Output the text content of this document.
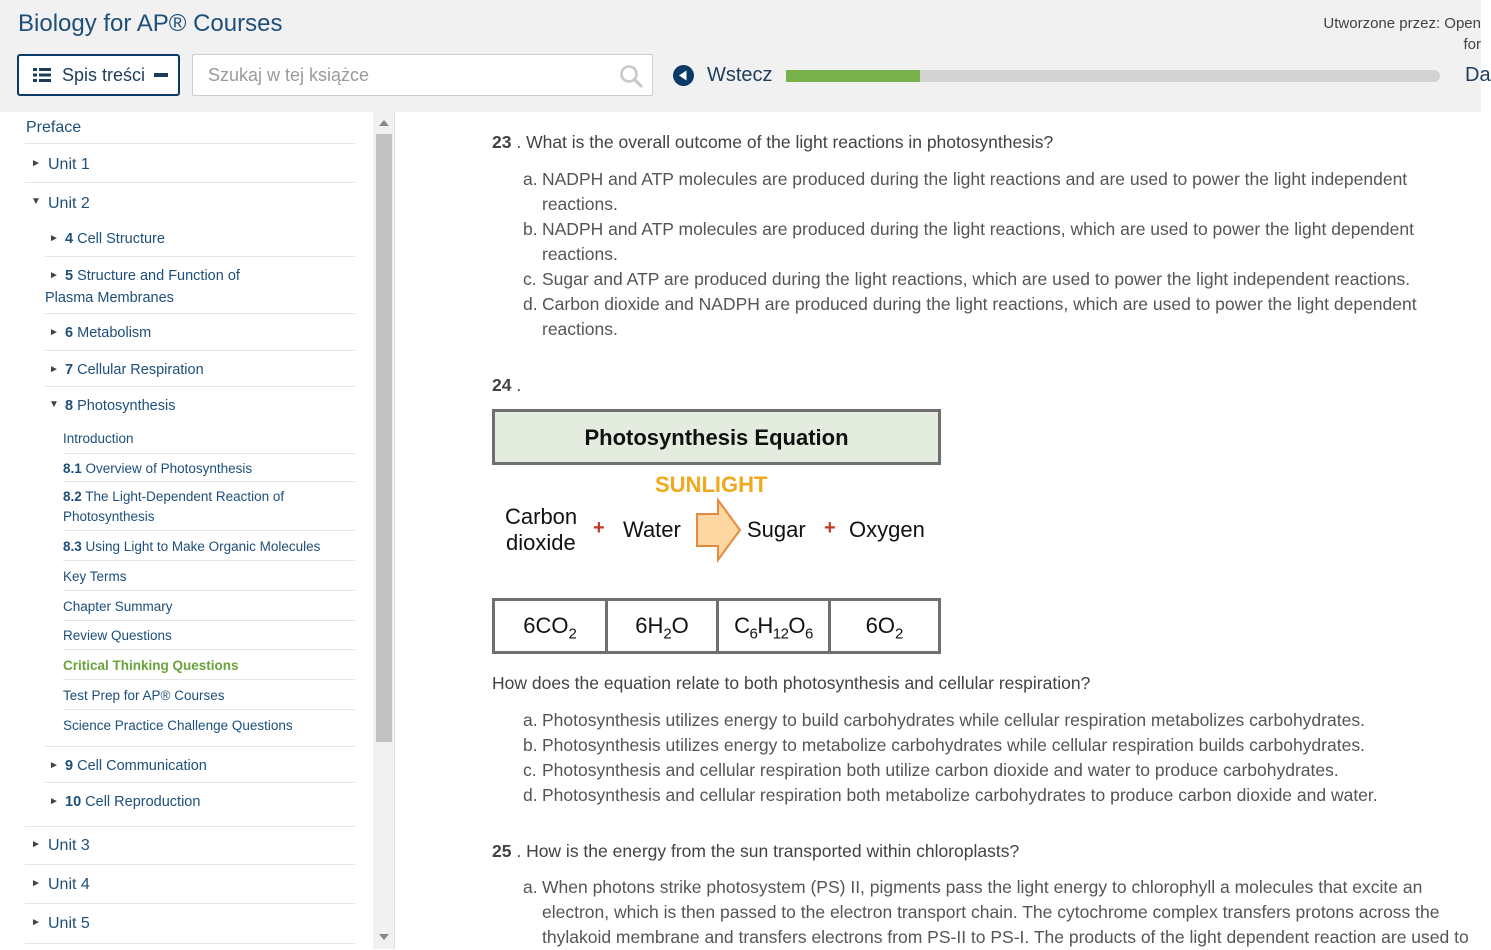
Biology for AP® Courses	Utworzone przez: Open
for
Spis treści
Szukaj w tej książce	Wstecz	Da
Preface
► Unit 1
▼ Unit 2
► 4 Cell Structure
► 5 Structure and Function of
Plasma Membranes
► 6 Metabolism
► 7 Cellular Respiration
▼ 8 Photosynthesis
Introduction
8.1 Overview of Photosynthesis
8.2 The Light-Dependent Reaction of
Photosynthesis
8.3 Using Light to Make Organic Molecules
Key Terms
Chapter Summary
Review Questions
Critical Thinking Questions
Test Prep for AP® Courses
Science Practice Challenge Questions
► 9 Cell Communication
► 10 Cell Reproduction
► Unit 3
► Unit 4
► Unit 5
23 . What is the overall outcome of the light reactions in photosynthesis?
a. NADPH and ATP molecules are produced during the light reactions and are used to power the light independent
reactions.
b. NADPH and ATP molecules are produced during the light reactions, which are used to power the light dependent
reactions.
c. Sugar and ATP are produced during the light reactions, which are used to power the light independent reactions.
d. Carbon dioxide and NADPH are produced during the light reactions, which are used to power the light dependent
reactions.
24 .
Photosynthesis Equation
SUNLIGHT
Carbon
dioxide
+ Water	Sugar + Oxygen
$6CO_2$	$6H_2O$	$C_6H_{12}O_6$	$6O_2$
How does the equation relate to both photosynthesis and cellular respiration?
a. Photosynthesis utilizes energy to build carbohydrates while cellular respiration metabolizes carbohydrates.
b. Photosynthesis utilizes energy to metabolize carbohydrates while cellular respiration builds carbohydrates.
c. Photosynthesis and cellular respiration both utilize carbon dioxide and water to produce carbohydrates.
d. Photosynthesis and cellular respiration both metabolize carbohydrates to produce carbon dioxide and water.
25 . How is the energy from the sun transported within chloroplasts?
a. When photons strike photosystem (PS) II, pigments pass the light energy to chlorophyll a molecules that excite an
electron, which is then passed to the electron transport chain. The cytochrome complex transfers protons across the
thylakoid membrane and transfers electrons from PS-II to PS-I. The products of the light dependent reaction are used to
